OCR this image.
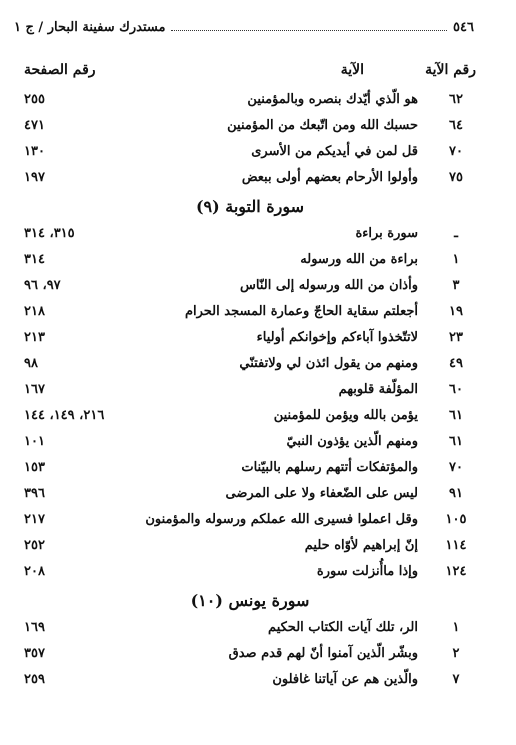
٥٤٦
مستدرك سفينة البحار / ج ١
رقم الآية
الآية
رقم الصفحة
٦٢
هو الّذي أيّدك بنصره وبالمؤمنين
٢٥٥
٦٤
حسبك الله ومن اتّبعك من المؤمنين
٤٧١
٧٠
قل لمن في أيديكم من الأسرى
١٣٠
٧٥
وأولوا الأرحام بعضهم أولى ببعض
١٩٧
سورة التوبة (٩)
ـ
سورة براءة
٣١٥، ٣١٤
١
براءة من الله ورسوله
٣١٤
٣
وأذان من الله ورسوله إلى النّاس
٩٧، ٩٦
١٩
أجعلتم سقاية الحاجّ وعمارة المسجد الحرام
٢١٨
٢٣
لاتتّخذوا آباءكم وإخوانكم أولياء
٢١٣
٤٩
ومنهم من يقول ائذن لي ولاتفتنّي
٩٨
٦٠
المؤلّفة قلوبهم
١٦٧
٦١
يؤمن بالله ويؤمن للمؤمنين
٢١٦، ١٤٩، ١٤٤
٦١
ومنهم الّذين يؤذون النبيّ
١٠١
٧٠
والمؤتفكات أتتهم رسلهم بالبيّنات
١٥٣
٩١
ليس على الضّعفاء ولا على المرضى
٣٩٦
١٠٥
وقل اعملوا فسيرى الله عملكم ورسوله والمؤمنون
٢١٧
١١٤
إنّ إبراهيم لأوّاه حليم
٢٥٢
١٢٤
وإذا ماأُنزلت سورة
٢٠٨
سورة يونس (١٠)
١
الر، تلك آيات الكتاب الحكيم
١٦٩
٢
وبشّر الّذين آمنوا أنّ لهم قدم صدق
٣٥٧
٧
والّذين هم عن آياتنا غافلون
٢٥٩
